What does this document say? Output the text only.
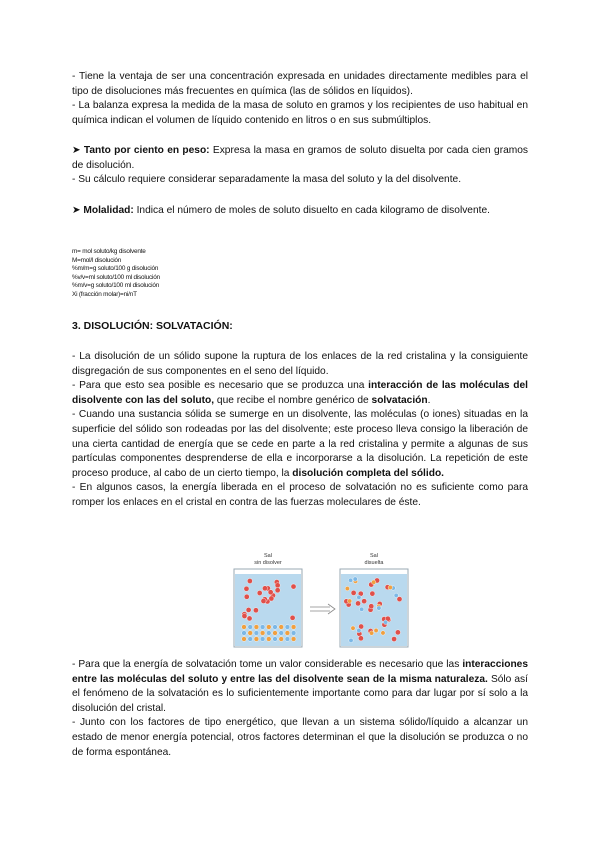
- Tiene la ventaja de ser una concentración expresada en unidades directamente medibles para el tipo de disoluciones más frecuentes en química (las de sólidos en líquidos).

- La balanza expresa la medida de la masa de soluto en gramos y los recipientes de uso habitual en química indican el volumen de líquido contenido en litros o en sus submúltiplos.

➤ Tanto por ciento en peso: Expresa la masa en gramos de soluto disuelta por cada cien gramos de disolución.

- Su cálculo requiere considerar separadamente la masa del soluto y la del disolvente.

➤ Molalidad: Indica el número de moles de soluto disuelto en cada kilogramo de disolvente.

m= mol soluto/kg disolvente
M=mol/l disolución
%m/m=g soluto/100 g disolución
%v/v=ml soluto/100 ml disolución
%m/v=g soluto/100 ml disolución
Xi (fracción molar)=ni/nT
3. DISOLUCIÓN: SOLVATACIÓN:

- La disolución de un sólido supone la ruptura de los enlaces de la red cristalina y la consiguiente disgregación de sus componentes en el seno del líquido.

- Para que esto sea posible es necesario que se produzca una interacción de las moléculas del disolvente con las del soluto, que recibe el nombre genérico de solvatación.

- Cuando una sustancia sólida se sumerge en un disolvente, las moléculas (o iones) situadas en la superficie del sólido son rodeadas por las del disolvente; este proceso lleva consigo la liberación de una cierta cantidad de energía que se cede en parte a la red cristalina y permite a algunas de sus partículas componentes desprenderse de ella e incorporarse a la disolución. La repetición de este proceso produce, al cabo de un cierto tiempo, la disolución completa del sólido.

- En algunos casos, la energía liberada en el proceso de solvatación no es suficiente como para romper los enlaces en el cristal en contra de las fuerzas moleculares de éste.

Sal
sin disolver
Sal
disuelta

- Para que la energía de solvatación tome un valor considerable es necesario que las interacciones entre las moléculas del soluto y entre las del disolvente sean de la misma naturaleza. Sólo así el fenómeno de la solvatación es lo suficientemente importante como para dar lugar por sí solo a la disolución del cristal.

- Junto con los factores de tipo energético, que llevan a un sistema sólido/líquido a alcanzar un estado de menor energía potencial, otros factores determinan el que la disolución se produzca o no de forma espontánea.
